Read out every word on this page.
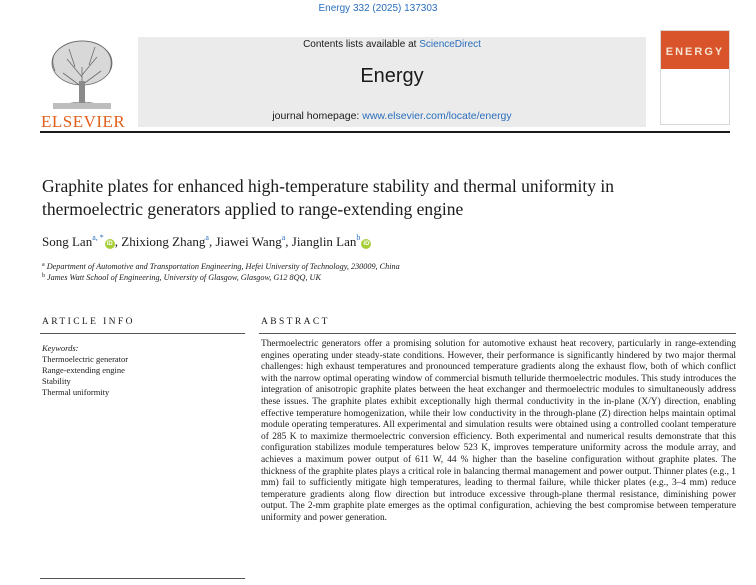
Energy 332 (2025) 137303
ELSEVIER
Contents lists available at ScienceDirect
Energy
journal homepage: www.elsevier.com/locate/energy
ENERGY
Graphite plates for enhanced high-temperature stability and thermal uniformity in thermoelectric generators applied to range-extending engine
Song Lan$^{a, *}$iD , Zhixiong Zhang$^a$, Jiawei Wang$^a$, Jianglin Lan$^b$iD
$^a$ Department of Automotive and Transportation Engineering, Hefei University of Technology, 230009, China
$^b$ James Watt School of Engineering, University of Glasgow, Glasgow, G12 8QQ, UK
ARTICLE INFO	ABSTRACT
Keywords:
Thermoelectric generator
Range-extending engine
Stability
Thermal uniformity
Thermoelectric generators offer a promising solution for automotive exhaust heat recovery, particularly in range-extending engines operating under steady-state conditions. However, their performance is significantly hindered by two major thermal challenges: high exhaust temperatures and pronounced temperature gradients along the exhaust flow, both of which conflict with the narrow optimal operating window of commercial bismuth telluride thermoelectric modules. This study introduces the integration of anisotropic graphite plates between the heat exchanger and thermoelectric modules to simultaneously address these issues. The graphite plates exhibit exceptionally high thermal conductivity in the in-plane (X/Y) direction, enabling effective temperature homogenization, while their low conductivity in the through-plane (Z) direction helps maintain optimal module operating temperatures. All experimental and simulation results were obtained using a controlled coolant temperature of 285 K to maximize thermoelectric conversion efficiency. Both experimental and numerical results demonstrate that this configuration stabilizes module temperatures below 523 K, improves temperature uniformity across the module array, and achieves a maximum power output of 611 W, 44 % higher than the baseline configuration without graphite plates. The thickness of the graphite plates plays a critical role in balancing thermal management and power output. Thinner plates (e.g., 1 mm) fail to sufficiently mitigate high temperatures, leading to thermal failure, while thicker plates (e.g., 3–4 mm) reduce temperature gradients along flow direction but introduce excessive through-plane thermal resistance, diminishing power output. The 2-mm graphite plate emerges as the optimal configuration, achieving the best compromise between temperature uniformity and power generation.
